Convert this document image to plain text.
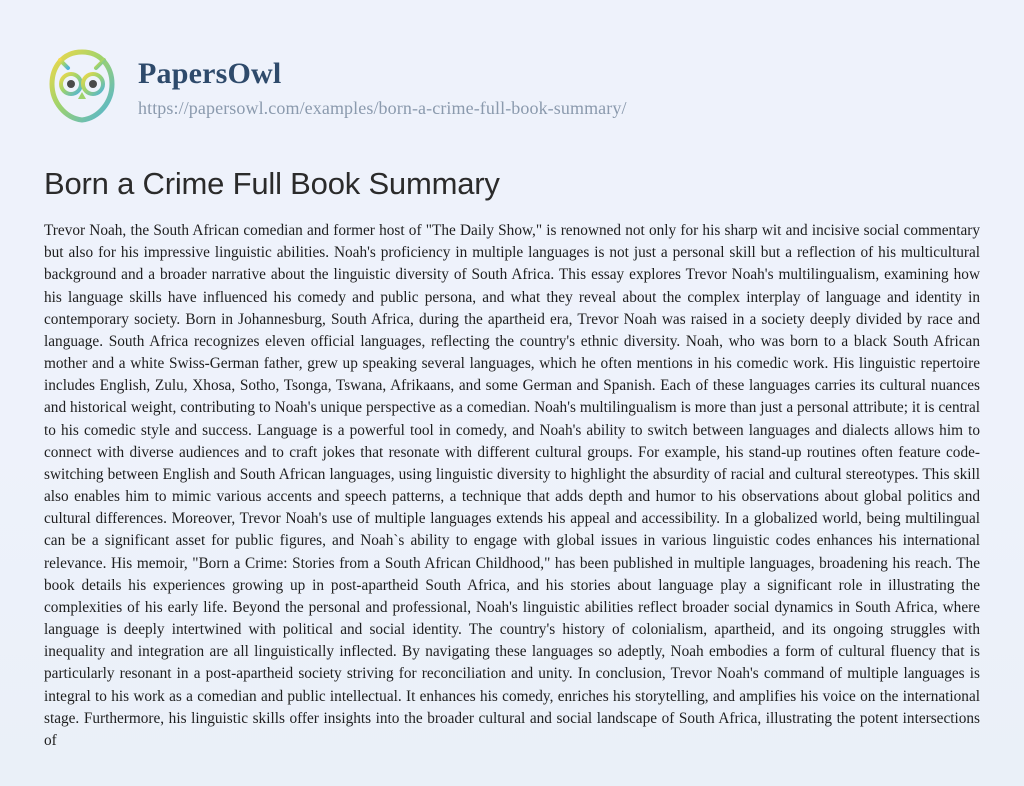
PapersOwl
https://papersowl.com/examples/born-a-crime-full-book-summary/
Born a Crime Full Book Summary

Trevor Noah, the South African comedian and former host of "The Daily Show," is renowned not only for his sharp wit and incisive social commentary but also for his impressive linguistic abilities. Noah's proficiency in multiple languages is not just a personal skill but a reflection of his multicultural background and a broader narrative about the linguistic diversity of South Africa. This essay explores Trevor Noah's multilingualism, examining how his language skills have influenced his comedy and public persona, and what they reveal about the complex interplay of language and identity in contemporary society. Born in Johannesburg, South Africa, during the apartheid era, Trevor Noah was raised in a society deeply divided by race and language. South Africa recognizes eleven official languages, reflecting the country's ethnic diversity. Noah, who was born to a black South African mother and a white Swiss-German father, grew up speaking several languages, which he often mentions in his comedic work. His linguistic repertoire includes English, Zulu, Xhosa, Sotho, Tsonga, Tswana, Afrikaans, and some German and Spanish. Each of these languages carries its cultural nuances and historical weight, contributing to Noah's unique perspective as a comedian. Noah's multilingualism is more than just a personal attribute; it is central to his comedic style and success. Language is a powerful tool in comedy, and Noah's ability to switch between languages and dialects allows him to connect with diverse audiences and to craft jokes that resonate with different cultural groups. For example, his stand-up routines often feature code-switching between English and South African languages, using linguistic diversity to highlight the absurdity of racial and cultural stereotypes. This skill also enables him to mimic various accents and speech patterns, a technique that adds depth and humor to his observations about global politics and cultural differences. Moreover, Trevor Noah's use of multiple languages extends his appeal and accessibility. In a globalized world, being multilingual can be a significant asset for public figures, and Noah`s ability to engage with global issues in various linguistic codes enhances his international relevance. His memoir, "Born a Crime: Stories from a South African Childhood," has been published in multiple languages, broadening his reach. The book details his experiences growing up in post-apartheid South Africa, and his stories about language play a significant role in illustrating the complexities of his early life. Beyond the personal and professional, Noah's linguistic abilities reflect broader social dynamics in South Africa, where language is deeply intertwined with political and social identity. The country's history of colonialism, apartheid, and its ongoing struggles with inequality and integration are all linguistically inflected. By navigating these languages so adeptly, Noah embodies a form of cultural fluency that is particularly resonant in a post-apartheid society striving for reconciliation and unity. In conclusion, Trevor Noah's command of multiple languages is integral to his work as a comedian and public intellectual. It enhances his comedy, enriches his storytelling, and amplifies his voice on the international stage. Furthermore, his linguistic skills offer insights into the broader cultural and social landscape of South Africa, illustrating the potent intersections of
